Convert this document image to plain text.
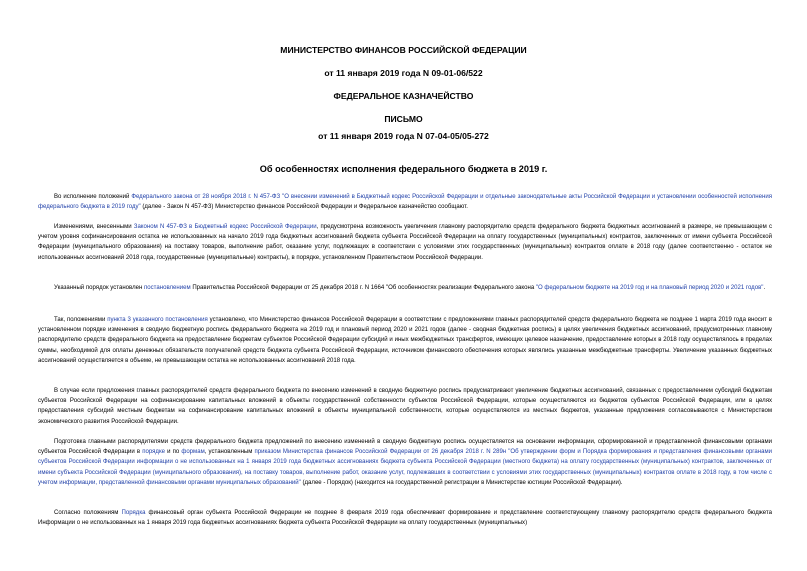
МИНИСТЕРСТВО ФИНАНСОВ РОССИЙСКОЙ ФЕДЕРАЦИИ
от 11 января 2019 года N 09-01-06/522
ФЕДЕРАЛЬНОЕ КАЗНАЧЕЙСТВО
ПИСЬМО
от 11 января 2019 года N 07-04-05/05-272
Об особенностях исполнения федерального бюджета в 2019 г.
Во исполнение положений Федерального закона от 28 ноября 2018 г. N 457-ФЗ "О внесении изменений в Бюджетный кодекс Российской Федерации и отдельные законодательные акты Российской Федерации и установлении особенностей исполнения федерального бюджета в 2019 году" (далее - Закон N 457-ФЗ) Министерство финансов Российской Федерации и Федеральное казначейство сообщают.
Изменениями, внесенными Законом N 457-ФЗ в Бюджетный кодекс Российской Федерации, предусмотрена возможность увеличения главному распорядителю средств федерального бюджета бюджетных ассигнований в размере, не превышающем с учетом уровня софинансирования остатка не использованных на начало 2019 года бюджетных ассигнований бюджета субъекта Российской Федерации на оплату государственных (муниципальных) контрактов, заключенных от имени субъекта Российской Федерации (муниципального образования) на поставку товаров, выполнение работ, оказание услуг, подлежащих в соответствии с условиями этих государственных (муниципальных) контрактов оплате в 2018 году (далее соответственно - остаток не использованных ассигнований 2018 года, государственные (муниципальные) контракты), в порядке, установленном Правительством Российской Федерации.
Указанный порядок установлен постановлением Правительства Российской Федерации от 25 декабря 2018 г. N 1664 "Об особенностях реализации Федерального закона "О федеральном бюджете на 2019 год и на плановый период 2020 и 2021 годов".
Так, положениями пункта 3 указанного постановления установлено, что Министерство финансов Российской Федерации в соответствии с предложениями главных распорядителей средств федерального бюджета не позднее 1 марта 2019 года вносит в установленном порядке изменения в сводную бюджетную роспись федерального бюджета на 2019 год и плановый период 2020 и 2021 годов (далее - сводная бюджетная роспись) в целях увеличения бюджетных ассигнований, предусмотренных главному распорядителю средств федерального бюджета на предоставление бюджетам субъектов Российской Федерации субсидий и иных межбюджетных трансфертов, имеющих целевое назначение, предоставление которых в 2018 году осуществлялось в пределах суммы, необходимой для оплаты денежных обязательств получателей средств бюджета субъекта Российской Федерации, источником финансового обеспечения которых являлись указанные межбюджетные трансферты. Увеличение указанных бюджетных ассигнований осуществляется в объеме, не превышающем остатка не использованных ассигнований 2018 года.
В случае если предложения главных распорядителей средств федерального бюджета по внесению изменений в сводную бюджетную роспись предусматривают увеличение бюджетных ассигнований, связанных с предоставлением субсидий бюджетам субъектов Российской Федерации на софинансирование капитальных вложений в объекты государственной собственности субъектов Российской Федерации, которые осуществляются из бюджетов субъектов Российской Федерации, или в целях предоставления субсидий местным бюджетам на софинансирование капитальных вложений в объекты муниципальной собственности, которые осуществляются из местных бюджетов, указанные предложения согласовываются с Министерством экономического развития Российской Федерации.
Подготовка главными распорядителями средств федерального бюджета предложений по внесению изменений в сводную бюджетную роспись осуществляется на основании информации, сформированной и представленной финансовыми органами субъектов Российской Федерации в порядке и по формам, установленным приказом Министерства финансов Российской Федерации от 26 декабря 2018 г. N 289н "Об утверждении форм и Порядка формирования и представления финансовыми органами субъектов Российской Федерации информации о не использованных на 1 января 2019 года бюджетных ассигнованиях бюджета субъекта Российской Федерации (местного бюджета) на оплату государственных (муниципальных) контрактов, заключенных от имени субъекта Российской Федерации (муниципального образования), на поставку товаров, выполнение работ, оказание услуг, подлежавших в соответствии с условиями этих государственных (муниципальных) контрактов оплате в 2018 году, в том числе с учетом информации, представленной финансовыми органами муниципальных образований" (далее - Порядок) (находится на государственной регистрации в Министерстве юстиции Российской Федерации).
Согласно положениям Порядка финансовый орган субъекта Российской Федерации не позднее 8 февраля 2019 года обеспечивает формирование и представление соответствующему главному распорядителю средств федерального бюджета Информации о не использованных на 1 января 2019 года бюджетных ассигнованиях бюджета субъекта Российской Федерации на оплату государственных (муниципальных)
